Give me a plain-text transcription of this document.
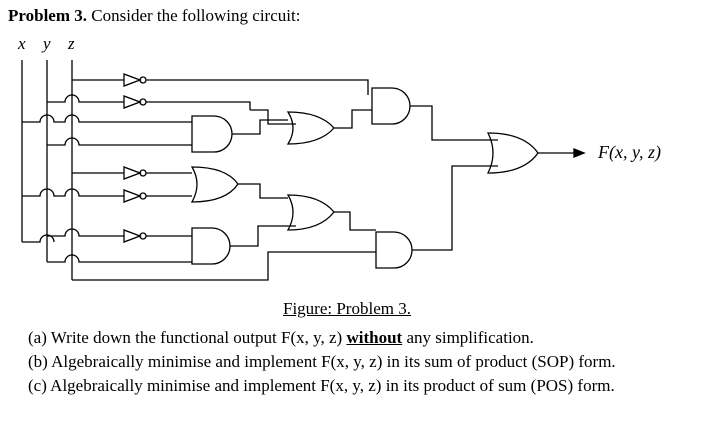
Problem 3. Consider the following circuit:
x y z
F(x, y, z)
Figure: Problem 3.
(a) Write down the functional output F(x, y, z) without any simplification.
(b) Algebraically minimise and implement F(x, y, z) in its sum of product (SOP) form.
(c) Algebraically minimise and implement F(x, y, z) in its product of sum (POS) form.
